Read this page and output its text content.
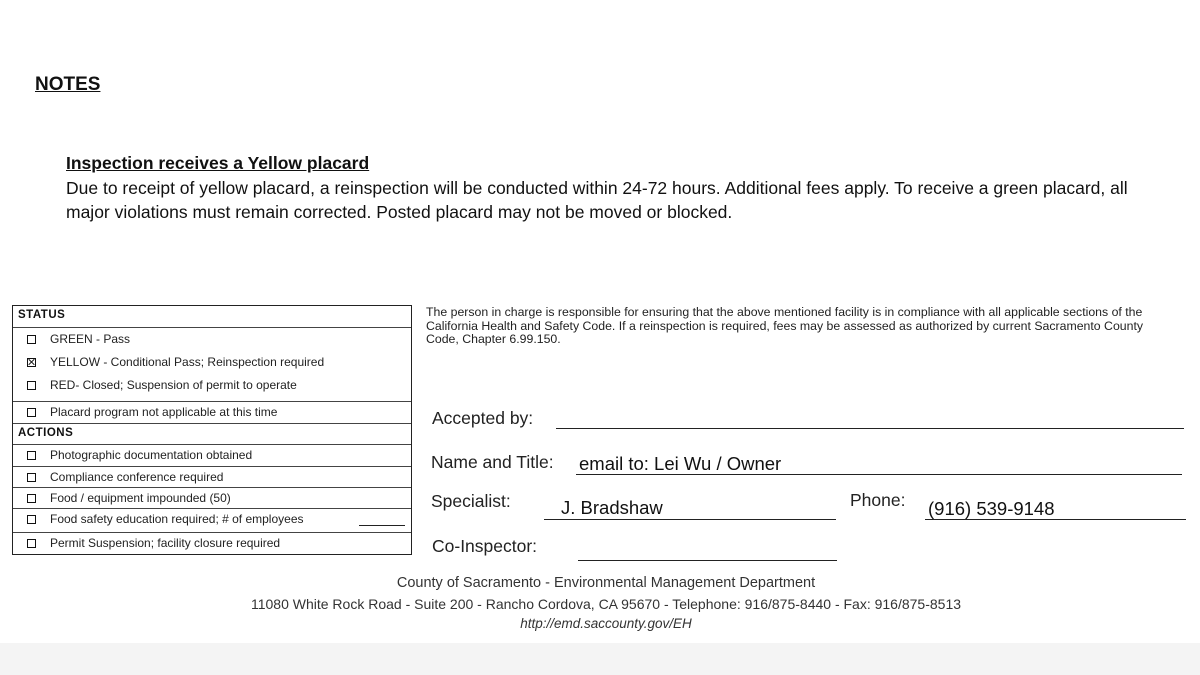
NOTES
Inspection receives a Yellow placard
Due to receipt of yellow placard, a reinspection will be conducted within 24-72 hours. Additional fees apply. To receive a green placard, all major violations must remain corrected. Posted placard may not be moved or blocked.
STATUS
GREEN - Pass
YELLOW - Conditional Pass; Reinspection required
RED- Closed; Suspension of permit to operate
Placard program not applicable at this time
ACTIONS
Photographic documentation obtained
Compliance conference required
Food / equipment impounded (50)
Food safety education required; # of employees
Permit Suspension; facility closure required
The person in charge is responsible for ensuring that the above mentioned facility is in compliance with all applicable sections of the California Health and Safety Code. If a reinspection is required, fees may be assessed as authorized by current Sacramento County Code, Chapter 6.99.150.
Accepted by:
Name and Title: email to: Lei Wu / Owner
Specialist:	J. Bradshaw	Phone: (916) 539-9148
Co-Inspector:
County of Sacramento - Environmental Management Department
11080 White Rock Road - Suite 200 - Rancho Cordova, CA 95670 - Telephone: 916/875-8440 - Fax: 916/875-8513
http://emd.saccounty.gov/EH
